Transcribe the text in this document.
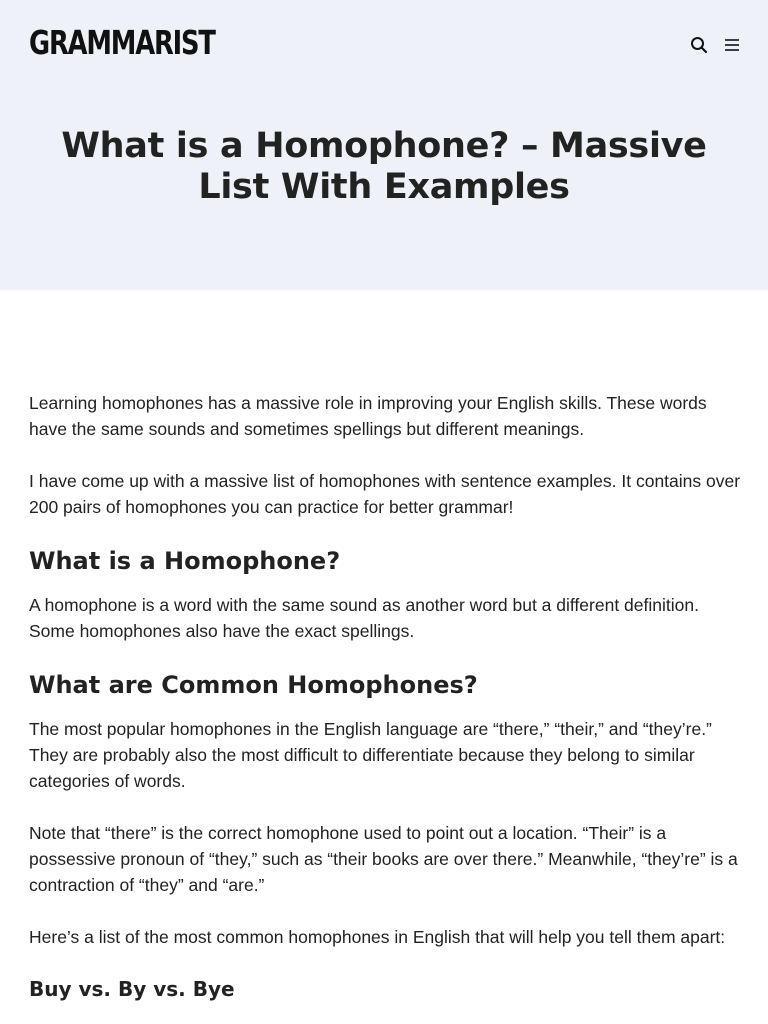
GRAMMARIST
What is a Homophone? – Massive List With Examples

Learning homophones has a massive role in improving your English skills. These words have the same sounds and sometimes spellings but different meanings.

I have come up with a massive list of homophones with sentence examples. It contains over 200 pairs of homophones you can practice for better grammar!

What is a Homophone?

A homophone is a word with the same sound as another word but a different definition. Some homophones also have the exact spellings.

What are Common Homophones?

The most popular homophones in the English language are “there,” “their,” and “they’re.” They are probably also the most difficult to differentiate because they belong to similar categories of words.

Note that “there” is the correct homophone used to point out a location. “Their” is a possessive pronoun of “they,” such as “their books are over there.” Meanwhile, “they’re” is a contraction of “they” and “are.”

Here’s a list of the most common homophones in English that will help you tell them apart:

Buy vs. By vs. Bye
